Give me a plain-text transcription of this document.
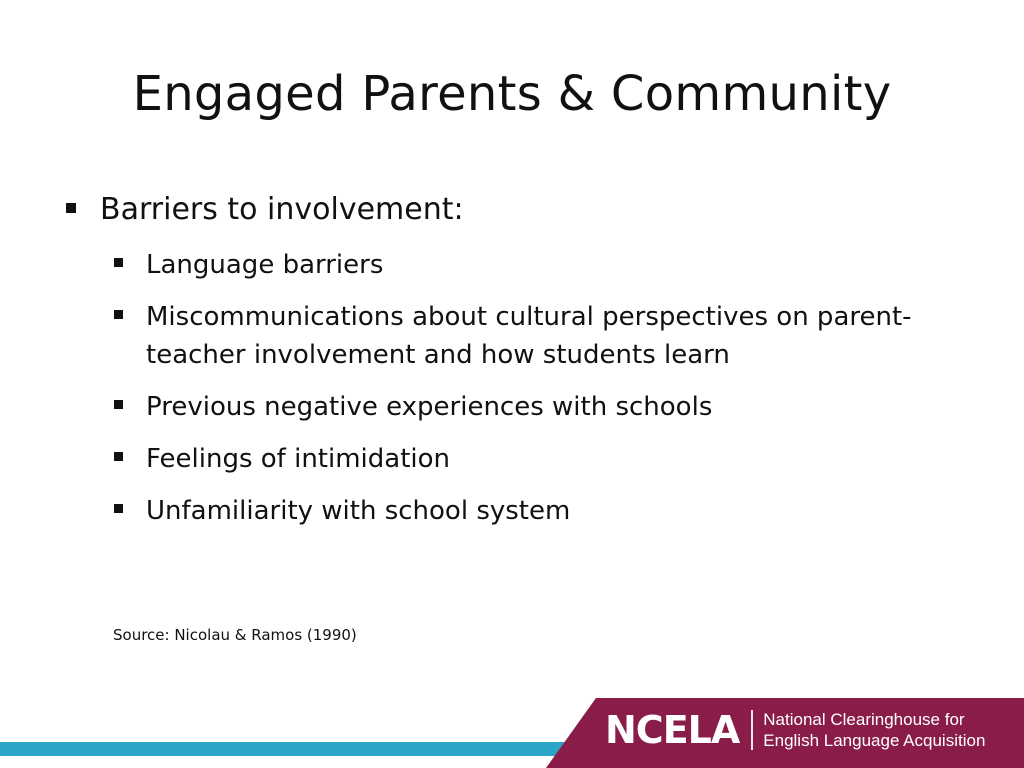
Engaged Parents & Community
Barriers to involvement:
Language barriers
Miscommunications about cultural perspectives on parent-teacher involvement and how students learn
Previous negative experiences with schools
Feelings of intimidation
Unfamiliarity with school system
Source: Nicolau & Ramos (1990)
NCELA National Clearinghouse for
English Language Acquisition
